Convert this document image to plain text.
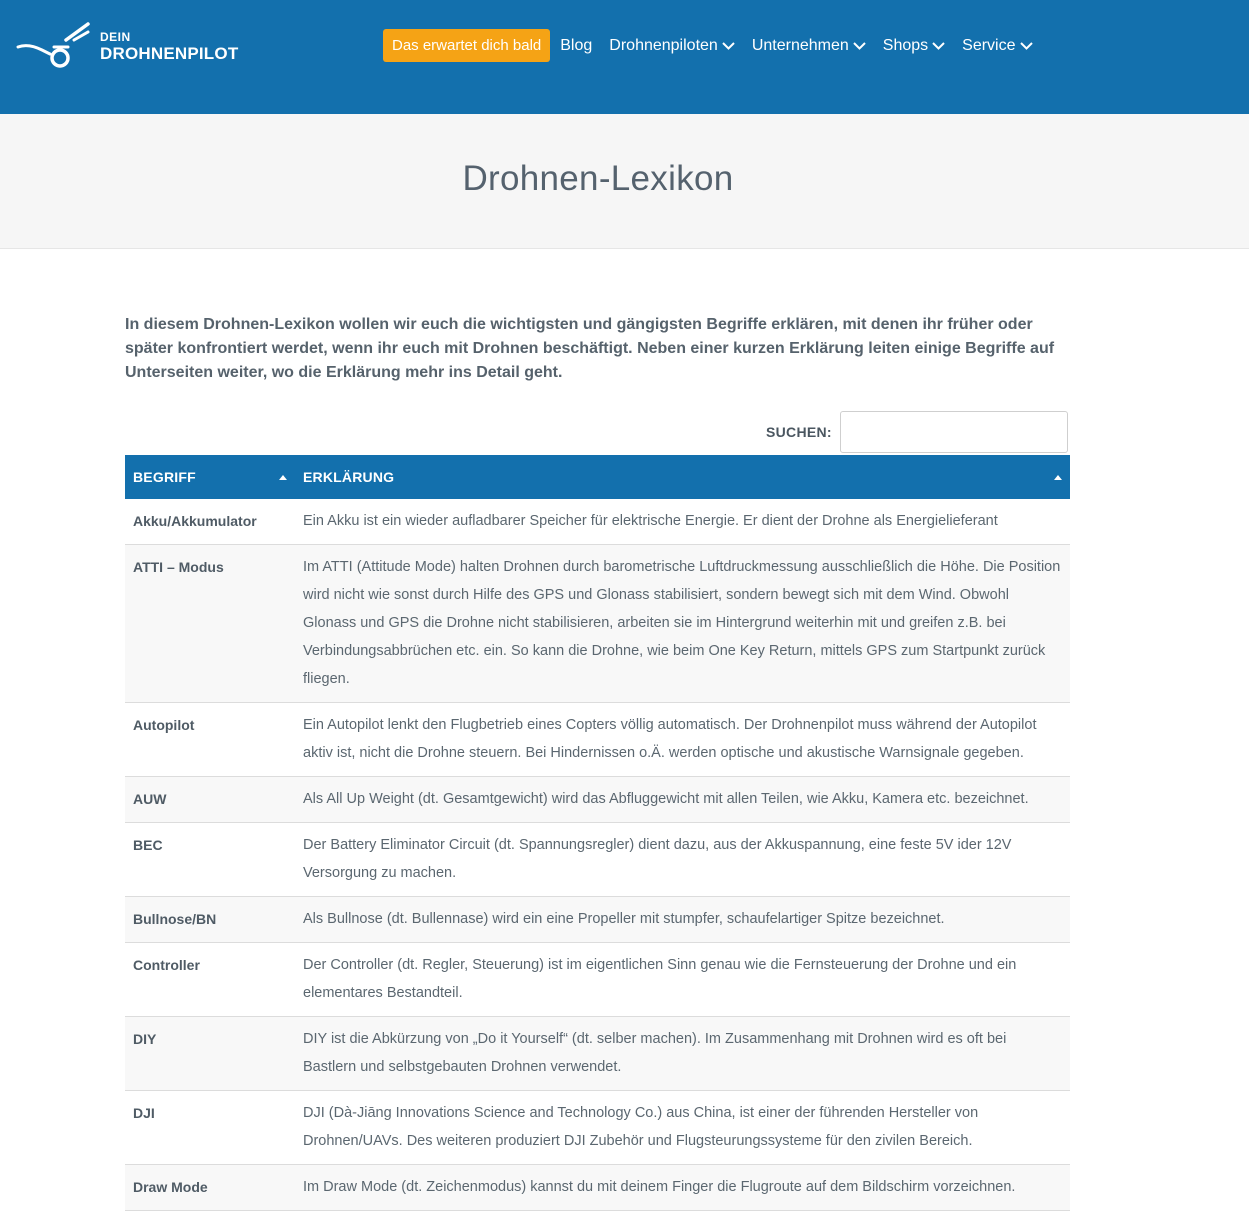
DEIN
DROHNENPILOT	Das erwartet dich bald	Blog Drohnenpiloten Unternehmen Shops Service
Drohnen-Lexikon

In diesem Drohnen-Lexikon wollen wir euch die wichtigsten und gängigsten Begriffe erklären, mit denen ihr früher oder später konfrontiert werdet, wenn ihr euch mit Drohnen beschäftigt. Neben einer kurzen Erklärung leiten einige Begriffe auf Unterseiten weiter, wo die Erklärung mehr ins Detail geht.

SUCHEN:
BEGRIFF	ERKLÄRUNG

Akku/Akkumulator	Ein Akku ist ein wieder aufladbarer Speicher für elektrische Energie. Er dient der Drohne als Energielieferant
ATTI – Modus	Im ATTI (Attitude Mode) halten Drohnen durch barometrische Luftdruckmessung ausschließlich die Höhe. Die Position wird nicht wie sonst durch Hilfe des GPS und Glonass stabilisiert, sondern bewegt sich mit dem Wind. Obwohl Glonass und GPS die Drohne nicht stabilisieren, arbeiten sie im Hintergrund weiterhin mit und greifen z.B. bei Verbindungsabbrüchen etc. ein. So kann die Drohne, wie beim One Key Return, mittels GPS zum Startpunkt zurück fliegen.
Autopilot	Ein Autopilot lenkt den Flugbetrieb eines Copters völlig automatisch. Der Drohnenpilot muss während der Autopilot aktiv ist, nicht die Drohne steuern. Bei Hindernissen o.Ä. werden optische und akustische Warnsignale gegeben.
AUW	Als All Up Weight (dt. Gesamtgewicht) wird das Abfluggewicht mit allen Teilen, wie Akku, Kamera etc. bezeichnet.
BEC	Der Battery Eliminator Circuit (dt. Spannungsregler) dient dazu, aus der Akkuspannung, eine feste 5V ider 12V Versorgung zu machen.
Bullnose/BN	Als Bullnose (dt. Bullennase) wird ein eine Propeller mit stumpfer, schaufelartiger Spitze bezeichnet.
Controller	Der Controller (dt. Regler, Steuerung) ist im eigentlichen Sinn genau wie die Fernsteuerung der Drohne und ein elementares Bestandteil.
DIY	DIY ist die Abkürzung von „Do it Yourself“ (dt. selber machen). Im Zusammenhang mit Drohnen wird es oft bei Bastlern und selbstgebauten Drohnen verwendet.
DJI	DJI (Dà-Jiāng Innovations Science and Technology Co.) aus China, ist einer der führenden Hersteller von Drohnen/UAVs. Des weiteren produziert DJI Zubehör und Flugsteurungssysteme für den zivilen Bereich.
Draw Mode	Im Draw Mode (dt. Zeichenmodus) kannst du mit deinem Finger die Flugroute auf dem Bildschirm vorzeichnen.
